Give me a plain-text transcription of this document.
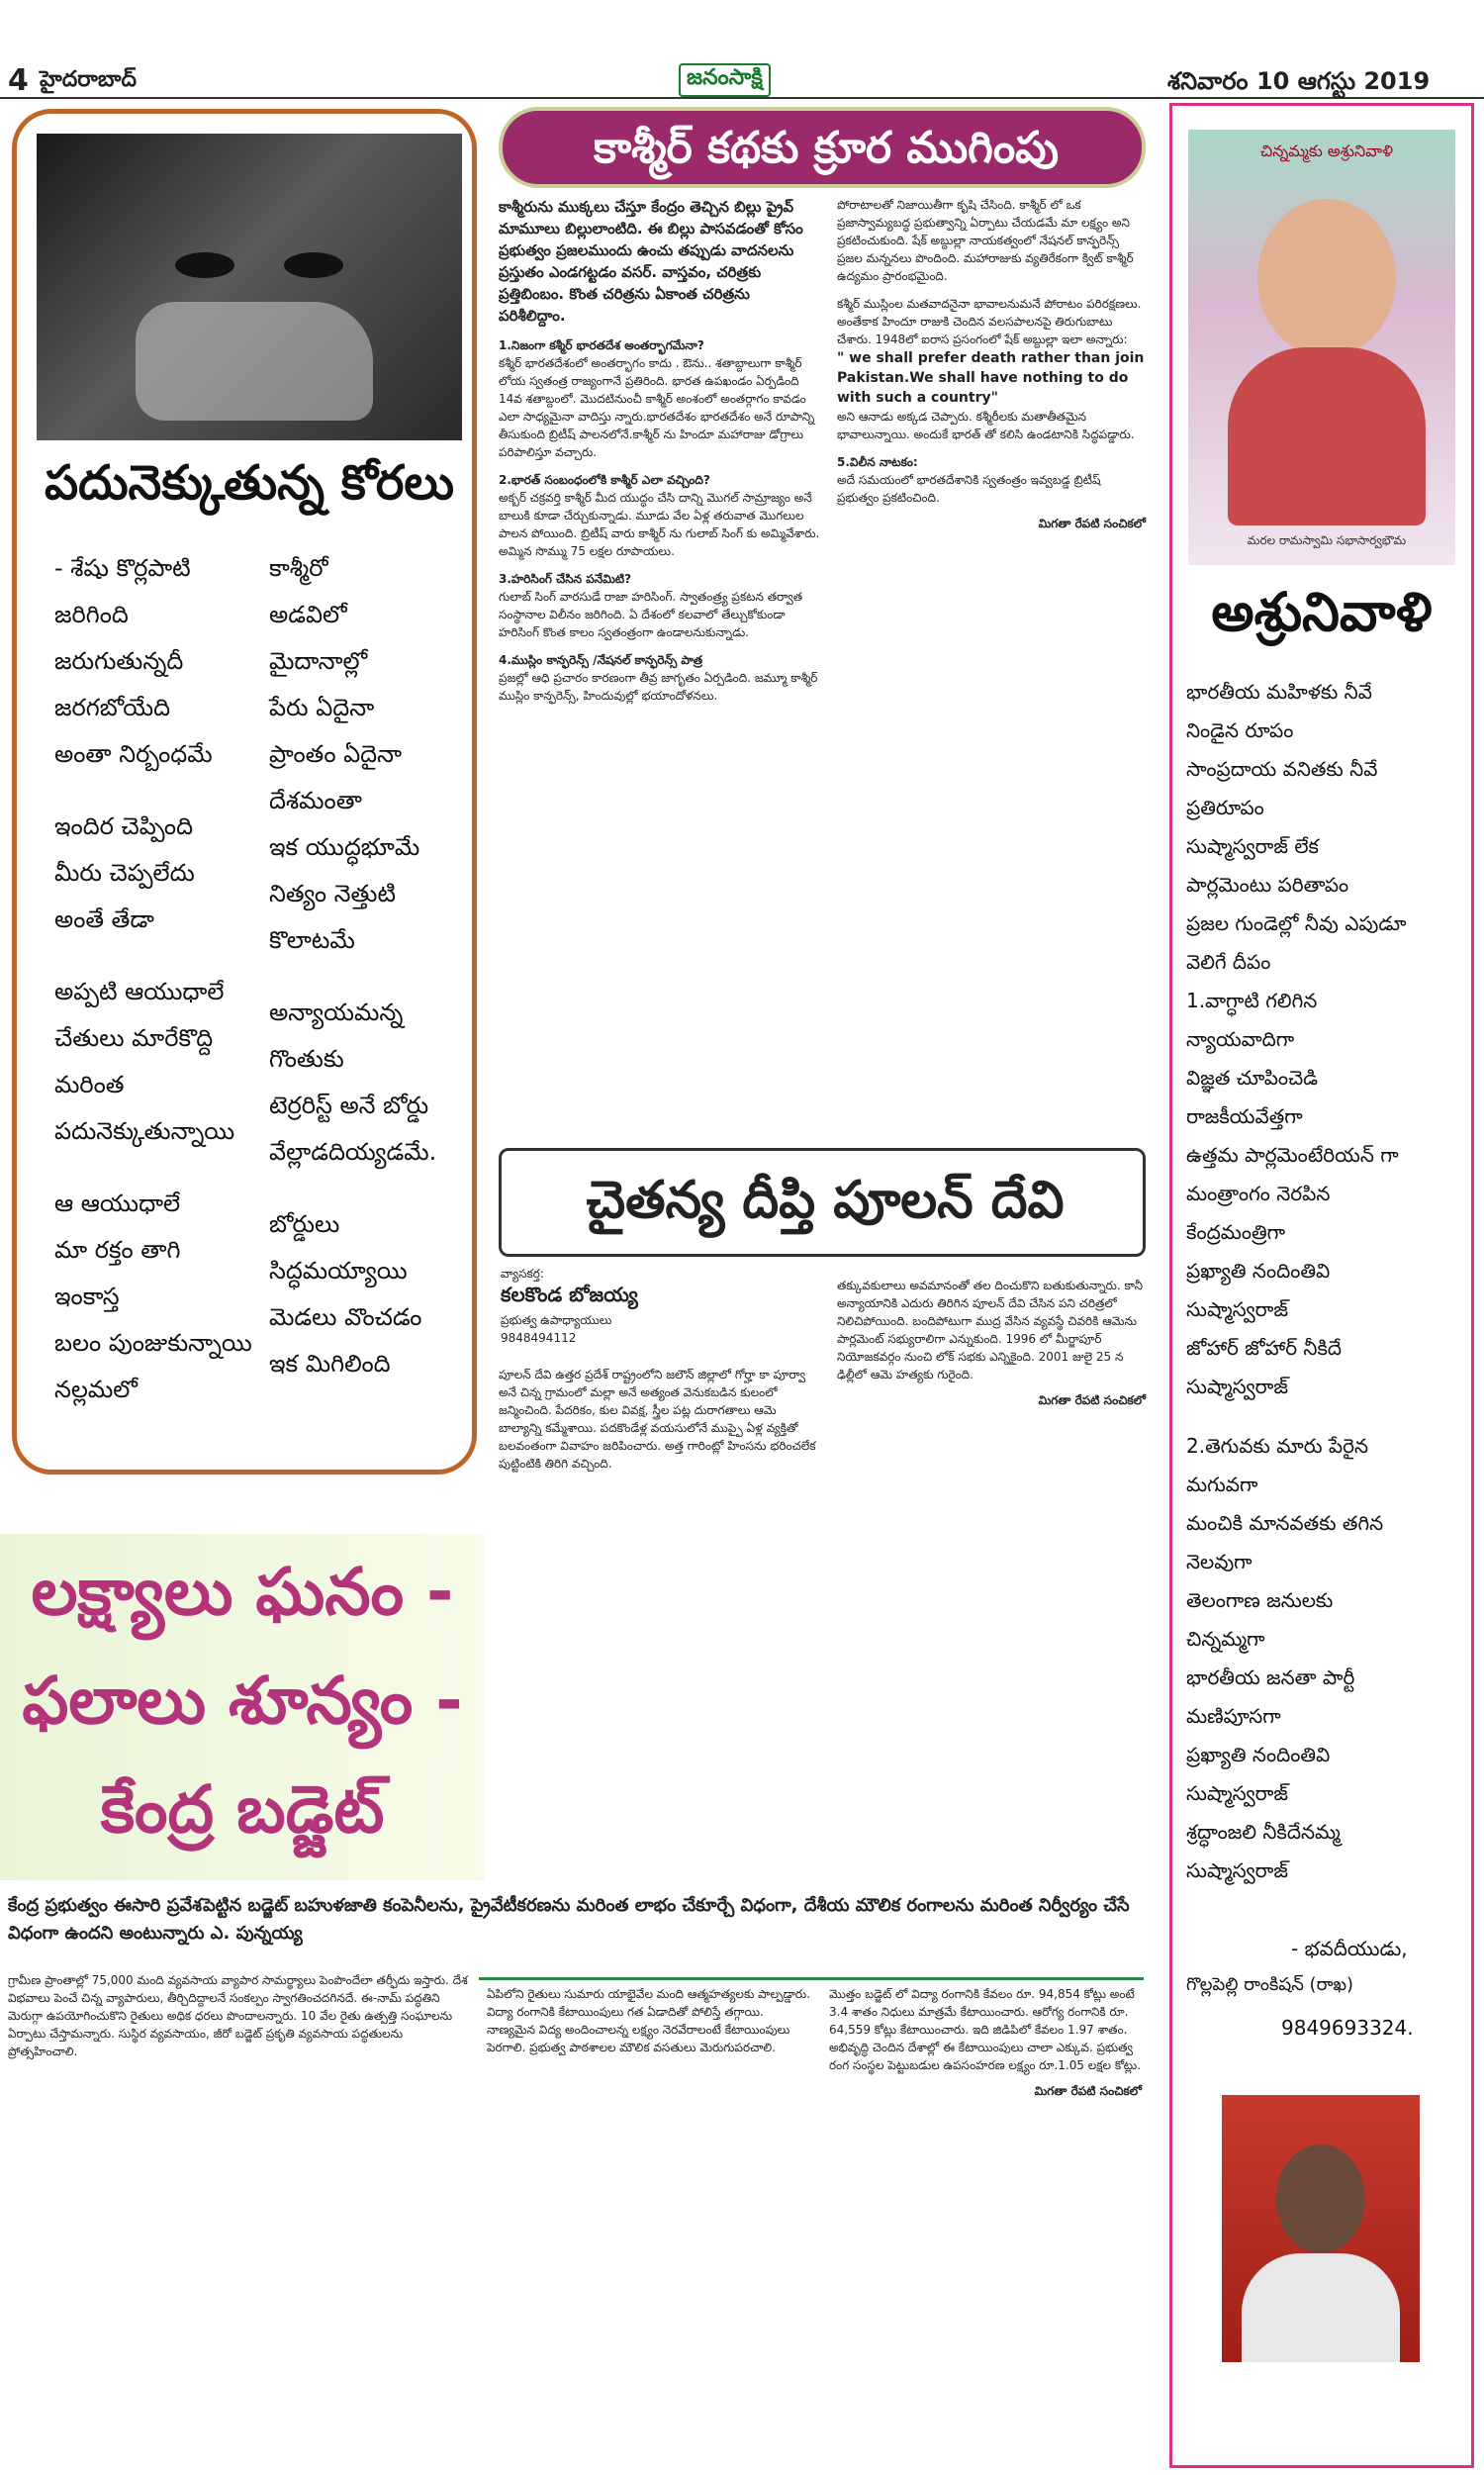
4 హైదరాబాద్	జనంసాక్షి	శనివారం 10 ఆగస్టు 2019
పదునెక్కుతున్న కోరలు
- శేషు కొర్లపాటి
జరిగింది
జరుగుతున్నదీ
జరగబోయేది
అంతా నిర్బంధమే
ఇందిర చెప్పింది
మీరు చెప్పలేదు
అంతే తేడా
అప్పటి ఆయుధాలే
చేతులు మారేకొద్ది
మరింత
పదునెక్కుతున్నాయి
ఆ ఆయుధాలే
మా రక్తం తాగి
ఇంకాస్త
బలం పుంజుకున్నాయి
నల్లమలో
కాశ్మీరో
అడవిలో
మైదానాల్లో
పేరు ఏదైనా
ప్రాంతం ఏదైనా
దేశమంతా
ఇక యుద్ధభూమే
నిత్యం నెత్తుటి
కొలాటమే
అన్యాయమన్న
గొంతుకు
టెర్రరిస్ట్ అనే బోర్డు
వేల్లాడదియ్యడమే.
బోర్డులు
సిద్ధమయ్యాయి
మెడలు వొంచడం
ఇక మిగిలింది
కాశ్మీర్ కథకు క్రూర ముగింపు
కాశ్మీరును ముక్కలు చేస్తూ కేంద్రం తెచ్చిన బిల్లు ప్రైవ్ మామూలు బిల్లులాంటిది. ఈ బిల్లు పాసవడంతో కోసం ప్రభుత్వం ప్రజలముందు ఉంచు తప్పుడు వాదనలను ప్రస్తుతం ఎండగట్టడం వసర్. వాస్తవం, చరిత్రకు ప్రత్తిబింబం. కొంత చరిత్రను ఏకాంత చరిత్రను పరిశీలిద్దాం.
1.నిజంగా కశ్మీర్ భారతదేశ అంతర్భాగమేనా?
కశ్మీర్ భారతదేశంలో అంతర్భాగం కాదు . ఔను.. శతాబ్దాలుగా కాశ్మీర్ లోయ స్వతంత్ర రాజ్యంగానే ప్రతిరింది. భారత ఉపఖండం ఏర్పడింది 14వ శతాబ్దంలో. మొదటినుంచీ కాశ్మీర్ అంశంలో అంతర్గాగం కావడం ఎలా సాధ్యమైనా వాదిస్తు న్నారు.భారతదేశం భారతదేశం అనే రూపాన్ని తీసుకుంది బ్రిటీష్ పాలనలోనే.కాశ్మీర్ ను హిందూ మహారాజు డోగ్రాలు పరిపాలిస్తూ వచ్చారు.
2.భారత్ సంబంధంలోకి కాశ్మీర్ ఎలా వచ్చింది?
అక్బర్ చక్రవర్తి కాశ్మీర్ మీద యుద్ధం చేసి దాన్ని మొగల్ సామ్రాజ్యం అనే బాలుకి కూడా చేర్చుకున్నాడు. మూడు వేల ఏళ్ల తరువాత మొగలుల పాలన పోయింది. బ్రిటీష్ వారు కాశ్మీర్ ను గులాబ్ సింగ్ కు అమ్మివేశారు. అమ్మిన సొమ్ము 75 లక్షల రూపాయలు.
3.హరిసింగ్ చేసిన పనేమిటి?
గులాబ్ సింగ్ వారసుడే రాజా హరిసింగ్. స్వాతంత్ర్య ప్రకటన తర్వాత సంస్థానాల విలీనం జరిగింది. ఏ దేశంలో కలవాలో తేల్చుకోకుండా హరిసింగ్ కొంత కాలం స్వతంత్రంగా ఉండాలనుకున్నాడు.
4.ముస్లిం కాన్ఫరెన్స్ /నేషనల్ కాన్ఫరెన్స్ పాత్ర
ప్రజల్లో ఆధి ప్రచారం కారణంగా తీవ్ర జాగృతం ఏర్పడింది. జమ్మూ కాశ్మీర్ ముస్లిం కాన్ఫరెన్స్, హిందువుల్లో భయాందోళనలు.
పోరాటాలతో నిజాయితీగా కృషి చేసింది. కాశ్మీర్ లో ఒక ప్రజాస్వామ్యబద్ధ ప్రభుత్వాన్ని ఏర్పాటు చేయడమే మా లక్ష్యం అని ప్రకటించుకుంది. షేక్ అబ్దుల్లా నాయకత్వంలో నేషనల్ కాన్ఫరెన్స్ ప్రజల మన్ననలు పొందింది. మహారాజుకు వ్యతిరేకంగా క్విట్ కాశ్మీర్ ఉద్యమం ప్రారంభమైంది.
కశ్మీర్ ముస్లింల మతవాదనైనా భావాలనుమనే పోరాటం పరిరక్షణలు. అంతేకాక హిందూ రాజుకి చెందిన వలసపాలనపై తిరుగుబాటు చేశారు. 1948లో ఐరాస ప్రసంగంలో షేక్ అబ్దుల్లా ఇలా అన్నారు:
" we shall prefer death rather than join Pakistan.We shall have nothing to do with such a country"
అని ఆనాడు అక్కడ చెప్పారు. కశ్మీరీలకు మతాతీతమైన భావాలున్నాయి. అందుకే భారత్ తో కలిసి ఉండటానికి సిద్ధపడ్డారు.
5.విలీన నాటకం:
అదే సమయంలో భారతదేశానికి స్వతంత్రం ఇవ్వబడ్డ బ్రిటీష్ ప్రభుత్వం ప్రకటించింది.
మిగతా రేపటి సంచికలో
చైతన్య దీప్తి పూలన్ దేవి
వ్యాసకర్త:
కలకొండ బోజయ్య
ప్రభుత్వ ఉపాధ్యాయులు
9848494112
పూలన్ దేవి ఉత్తర ప్రదేశ్ రాష్ట్రంలోని జలౌన్ జిల్లాలో గోర్హా కా పూర్వా అనే చిన్న గ్రామంలో మల్లా అనే అత్యంత వెనుకబడిన కులంలో జన్మించింది. పేదరికం, కుల వివక్ష, స్త్రీల పట్ల దురాగతాలు ఆమె బాల్యాన్ని కమ్మేశాయి. పదకొండేళ్ల వయసులోనే ముప్పై ఏళ్ల వ్యక్తితో బలవంతంగా వివాహం జరిపించారు. అత్త గారింట్లో హింసను భరించలేక పుట్టింటికి తిరిగి వచ్చింది.
తక్కువకులాలు అవమానంతో తల దించుకొని బతుకుతున్నారు. కానీ అన్యాయానికి ఎదురు తిరిగిన పూలన్ దేవి చేసిన పని చరిత్రలో నిలిచిపోయింది. బందిపోటుగా ముద్ర వేసిన వ్యవస్థే చివరికి ఆమెను పార్లమెంట్ సభ్యురాలిగా ఎన్నుకుంది. 1996 లో మీర్జాపూర్ నియోజకవర్గం నుంచి లోక్ సభకు ఎన్నికైంది. 2001 జులై 25 న ఢిల్లీలో ఆమె హత్యకు గురైంది.
మిగతా రేపటి సంచికలో
లక్ష్యాలు ఘనం -
ఫలాలు శూన్యం -
కేంద్ర బడ్జెట్
కేంద్ర ప్రభుత్వం ఈసారి ప్రవేశపెట్టిన బడ్జెట్ బహుళజాతి కంపెనీలను, ప్రైవేటీకరణను మరింత లాభం చేకూర్చే విధంగా, దేశీయ మౌలిక రంగాలను మరింత నిర్వీర్యం చేసే విధంగా ఉందని అంటున్నారు ఎ. పున్నయ్య
గ్రామీణ ప్రాంతాల్లో 75,000 మంది వ్యవసాయ వ్యాపార సామర్థ్యాలు పెంపొందేలా తర్ఫీదు ఇస్తారు. దేశ విభవాలు పెంచే చిన్న వ్యాపారులు, తీర్చిదిద్దాలనే సంకల్పం స్వాగతించదగినదే. ఈ-నామ్ పద్ధతిని మెరుగ్గా ఉపయోగించుకొని రైతులు అధిక ధరలు పొందాలన్నారు. 10 వేల రైతు ఉత్పత్తి సంఘాలను ఏర్పాటు చేస్తామన్నారు. సుస్థిర వ్యవసాయం, జీరో బడ్జెట్ ప్రకృతి వ్యవసాయ పద్ధతులను ప్రోత్సహించాలి.
ఏపిలోని రైతులు సుమారు యాభైవేల మంది ఆత్మహత్యలకు పాల్పడ్డారు. విద్యా రంగానికి కేటాయింపులు గత ఏడాదితో పోలిస్తే తగ్గాయి. నాణ్యమైన విద్య అందించాలన్న లక్ష్యం నెరవేరాలంటే కేటాయింపులు పెరగాలి. ప్రభుత్వ పాఠశాలల మౌలిక వసతులు మెరుగుపరచాలి.
మొత్తం బడ్జెట్ లో విద్యా రంగానికి కేవలం రూ. 94,854 కోట్లు అంటే 3.4 శాతం నిధులు మాత్రమే కేటాయించారు. ఆరోగ్య రంగానికి రూ. 64,559 కోట్లు కేటాయించారు. ఇది జిడిపిలో కేవలం 1.97 శాతం. అభివృద్ధి చెందిన దేశాల్లో ఈ కేటాయింపులు చాలా ఎక్కువ. ప్రభుత్వ రంగ సంస్థల పెట్టుబడుల ఉపసంహరణ లక్ష్యం రూ.1.05 లక్షల కోట్లు.
మిగతా రేపటి సంచికలో
చిన్నమ్మకు అశ్రునివాళి
మరల రామస్వామి సభాసార్వభౌమ
అశ్రునివాళి
భారతీయ మహిళకు నీవే
నిండైన రూపం
సాంప్రదాయ వనితకు నీవే
ప్రతిరూపం
సుష్మాస్వరాజ్ లేక
పార్లమెంటు పరితాపం
ప్రజల గుండెల్లో నీవు ఎపుడూ
వెలిగే దీపం
1.వాగ్ధాటి గలిగిన
న్యాయవాదిగా
విజ్ఞత చూపించెడి
రాజకీయవేత్తగా
ఉత్తమ పార్లమెంటేరియన్ గా
మంత్రాంగం నెరపిన
కేంద్రమంత్రిగా
ప్రఖ్యాతి నందింతివి
సుష్మాస్వరాజ్
జోహార్ జోహార్ నీకిదే
సుష్మాస్వరాజ్
2.తెగువకు మారు పేరైన
మగువగా
మంచికి మానవతకు తగిన
నెలవుగా
తెలంగాణ జనులకు
చిన్నమ్మగా
భారతీయ జనతా పార్టీ
మణిపూసగా
ప్రఖ్యాతి నందింతివి
సుష్మాస్వరాజ్
శ్రద్ధాంజలి నీకిదేనమ్మ
సుష్మాస్వరాజ్
- భవదీయుడు,
గొల్లపెల్లి రాంకిషన్ (రాఖ)
9849693324.
